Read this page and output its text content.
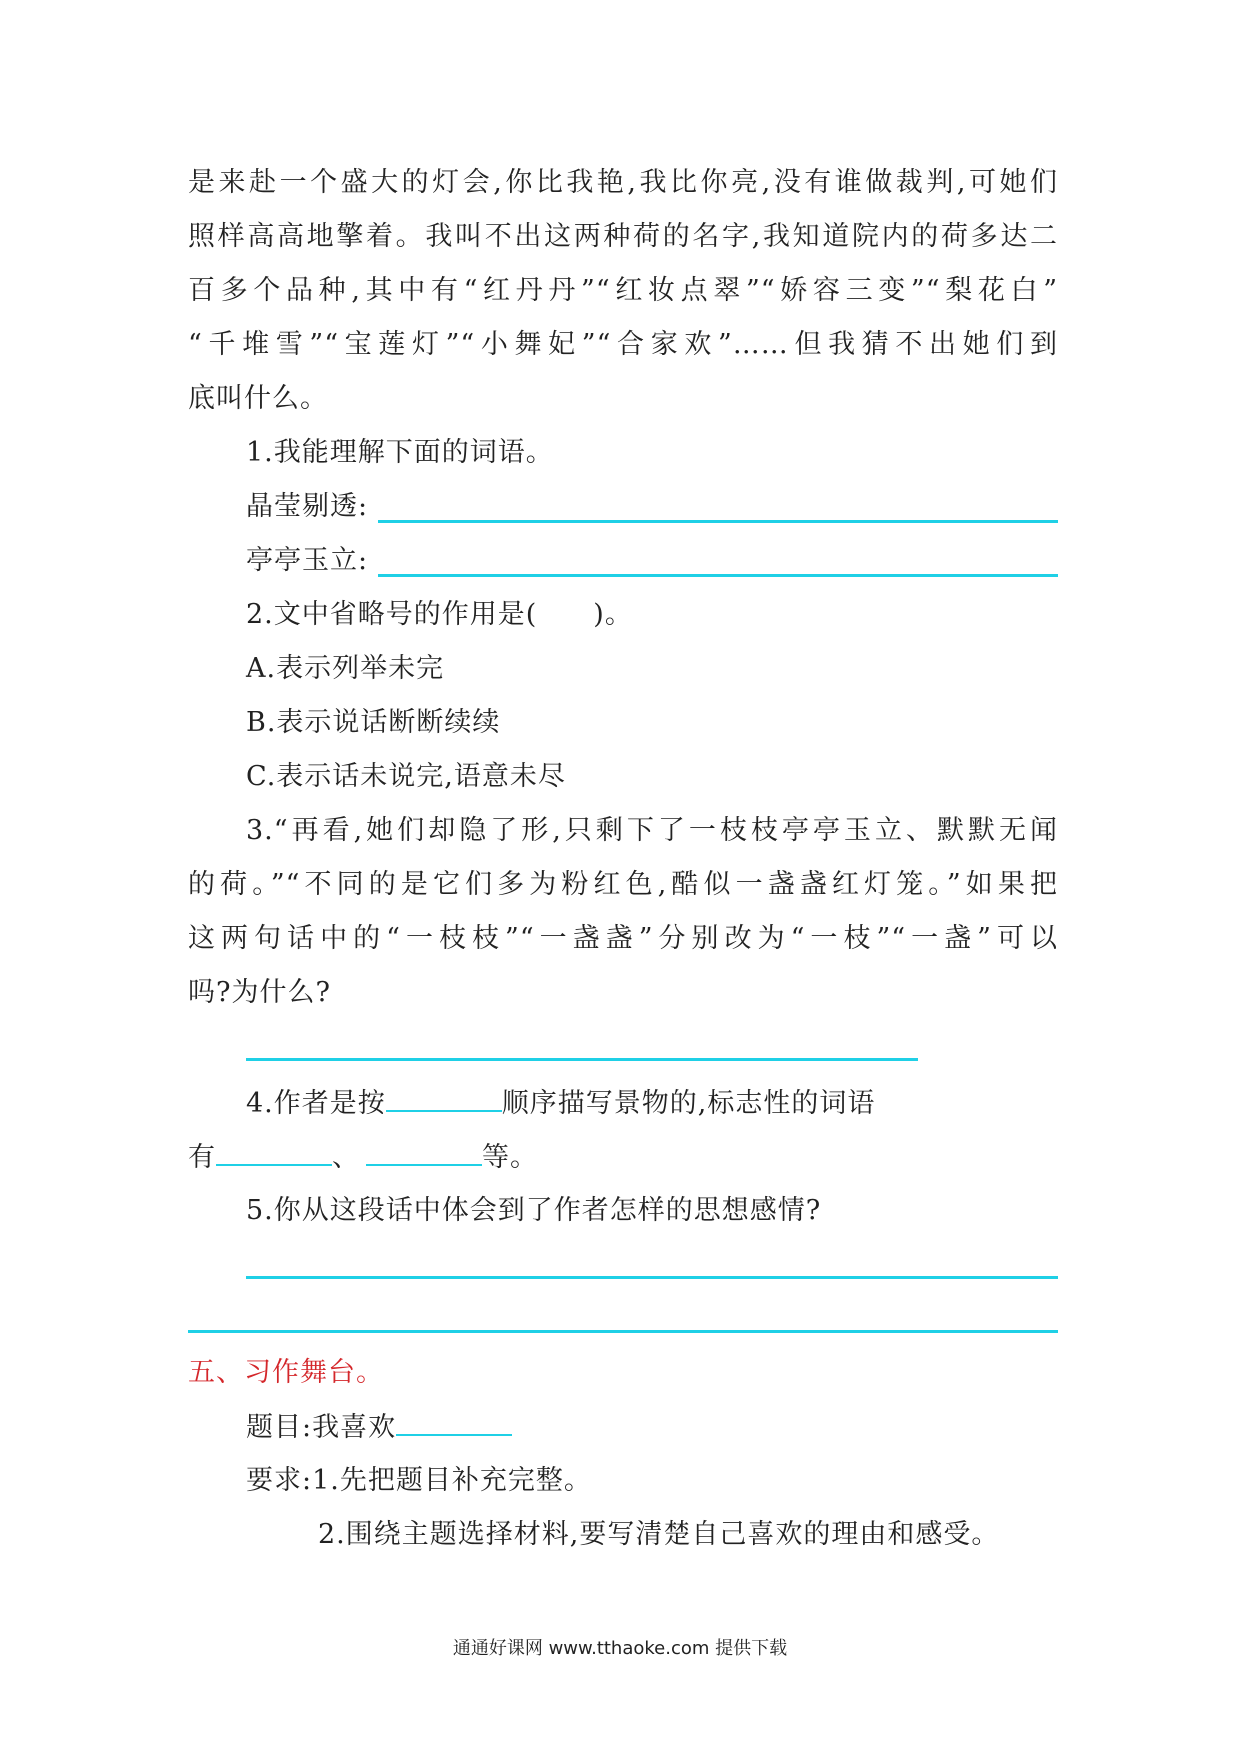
是来赴一个盛大的灯会,你比我艳,我比你亮,没有谁做裁判,可她们
照样高高地擎着。我叫不出这两种荷的名字,我知道院内的荷多达二
百多个品种,其中有“红丹丹”“红妆点翠”“娇容三变”“梨花白”
“千堆雪”“宝莲灯”“小舞妃”“合家欢”……但我猜不出她们到
底叫什么。
1.我能理解下面的词语。
晶莹剔透:
亭亭玉立:
2.文中省略号的作用是(　　)。
A.表示列举未完
B.表示说话断断续续
C.表示话未说完,语意未尽
3.“再看,她们却隐了形,只剩下了一枝枝亭亭玉立、默默无闻
的荷。”“不同的是它们多为粉红色,酷似一盏盏红灯笼。”如果把
这两句话中的“一枝枝”“一盏盏”分别改为“一枝”“一盏”可以
吗?为什么?
4.作者是按	顺序描写景物的,标志性的词语
有	、	等。
5.你从这段话中体会到了作者怎样的思想感情?
五、习作舞台。
题目:我喜欢
要求:1.先把题目补充完整。
2.围绕主题选择材料,要写清楚自己喜欢的理由和感受。
通通好课网 www.tthaoke.com 提供下载
